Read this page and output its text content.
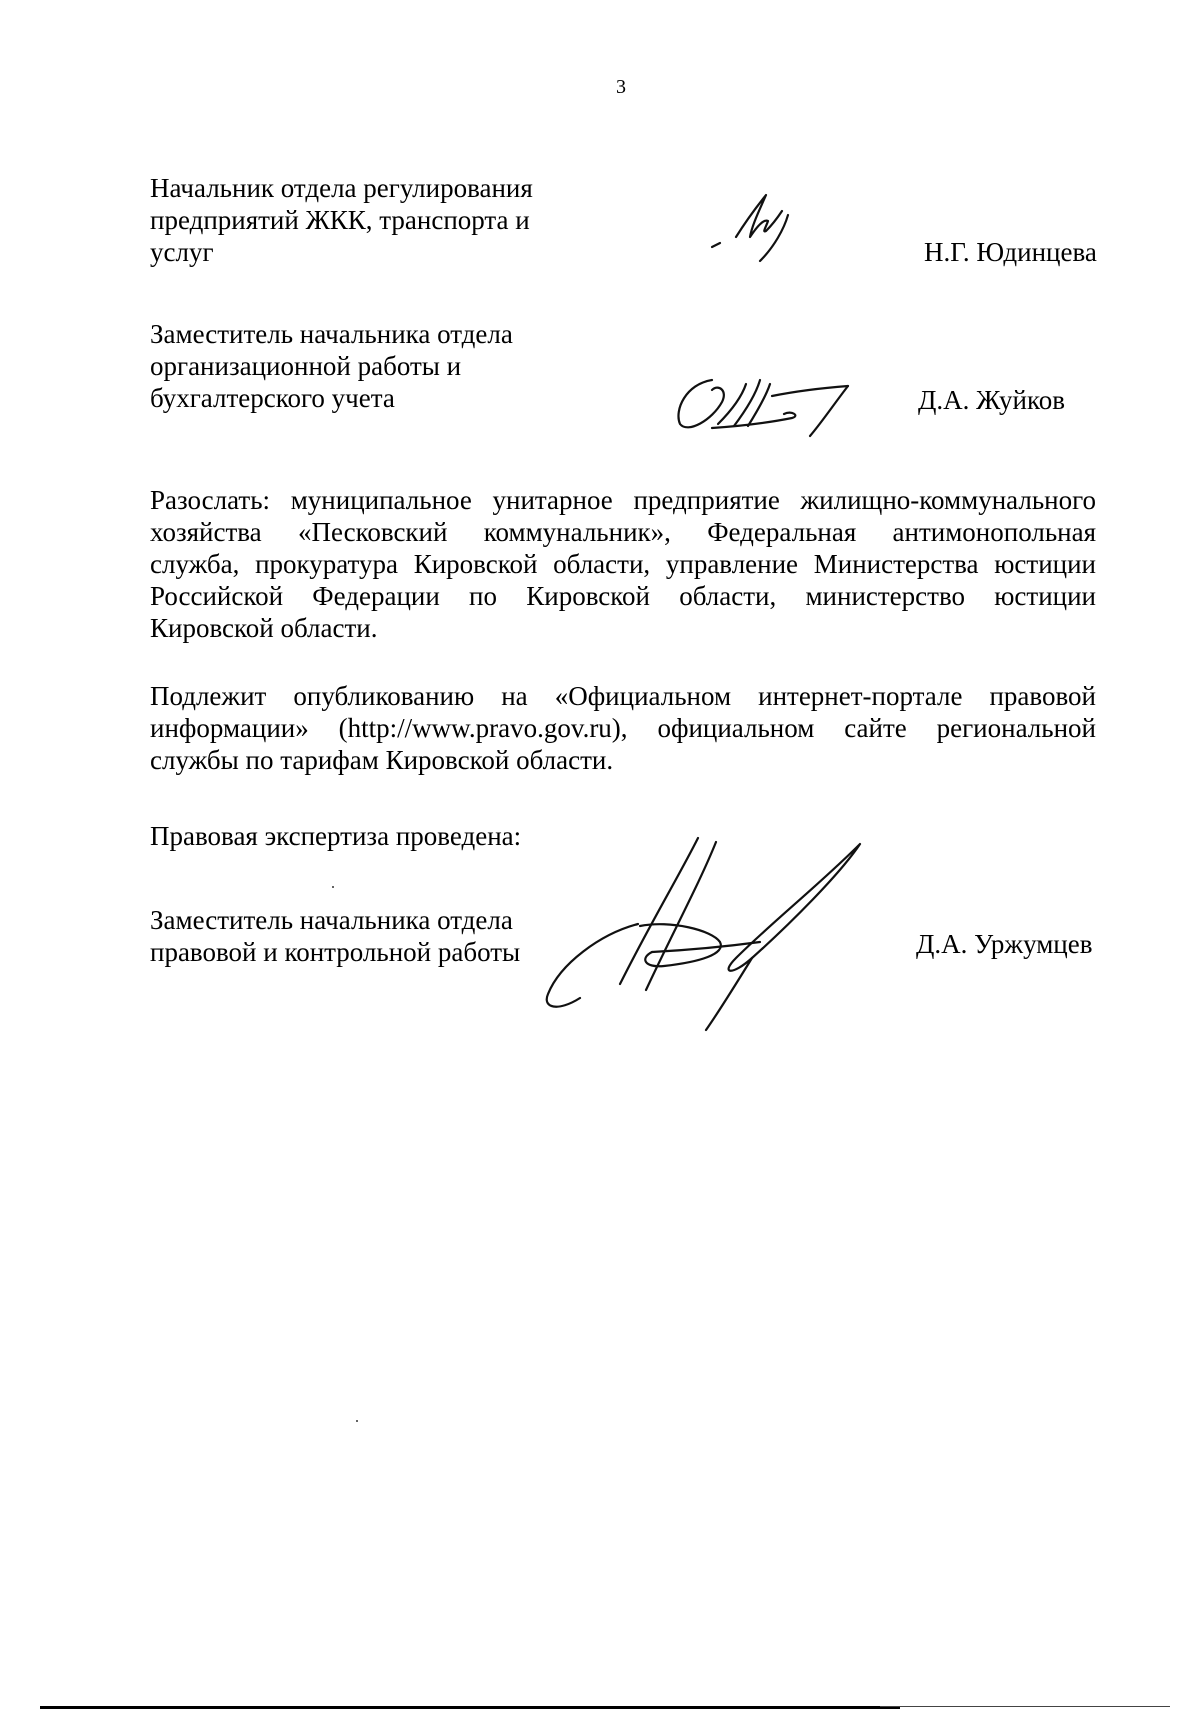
3
Начальник отдела регулирования
предприятий ЖКК, транспорта и
услуг	Н.Г. Юдинцева
Заместитель начальника отдела
организационной работы и
бухгалтерского учета	Д.А. Жуйков
Разослать: муниципальное унитарное предприятие жилищно-коммунального
хозяйства «Песковский коммунальник», Федеральная антимонопольная
служба, прокуратура Кировской области, управление Министерства юстиции
Российской Федерации по Кировской области, министерство юстиции
Кировской области.
Подлежит опубликованию на «Официальном интернет-портале правовой
информации» (http://www.pravo.gov.ru), официальном сайте региональной
службы по тарифам Кировской области.
Правовая экспертиза проведена:
Заместитель начальника отдела
правовой и контрольной работы	Д.А. Уржумцев
